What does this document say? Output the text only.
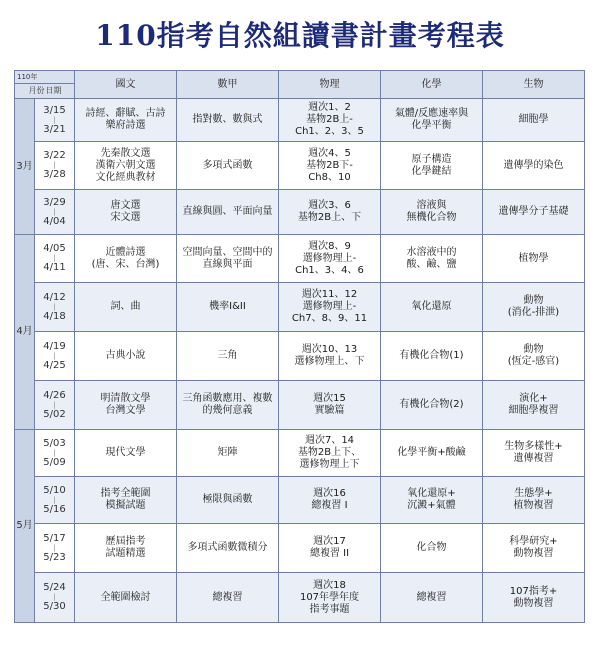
110指考自然組讀書計畫考程表
110年
月份日期		國文	數甲	物理	化學	生物
3月	3/15
|
3/21	詩經、辭賦、古詩
樂府詩選	指對數、數與式	週次1、2
基物2B上-
Ch1、2、3、5	氣體/反應速率與
化學平衡	細胞學

	3/22
|
3/28	先秦散文選
漢衛六朝文選
文化經典教材	多項式函數	週次4、5
基物2B下-
Ch8、10	原子構造
化學鍵結	遺傳學的染色

	3/29
|
4/04	唐文選
宋文選	直線與圓、平面向量	週次3、6
基物2B上、下	溶液與
無機化合物	遺傳學分子基礎
4月	4/05
|
4/11	近體詩選
(唐、宋、台灣)	空間向量、空間中的
直線與平面	週次8、9
選修物理上-
Ch1、3、4、6	水溶液中的
酸、鹼、鹽	植物學

	4/12
|
4/18	詞、曲	機率I&II	週次11、12
選修物理上-
Ch7、8、9、11	氧化還原	動物
(消化-排泄)

	4/19
|
4/25	古典小說	三角	週次10、13
選修物理上、下	有機化合物(1)	動物
(恆定-感官)

	4/26
|
5/02	明清散文學
台灣文學	三角函數應用、複數
的幾何意義	週次15
實驗篇	有機化合物(2)	演化+
細胞學複習
5月	5/03
|
5/09	現代文學	矩陣	週次7、14
基物2B上下、
選修物理上下	化學平衡+酸鹼	生物多樣性+
遺傳複習

	5/10
|
5/16	指考全範圍
模擬試題	極限與函數	週次16
總複習 I	氧化還原+
沉澱+氣體	生態學+
植物複習

	5/17
|
5/23	歷屆指考
試題精選	多項式函數微積分	週次17
總複習 II	化合物	科學研究+
動物複習

	5/24
|
5/30	全範圍檢討	總複習	週次18
107年學年度
指考事題	總複習	107指考+
動物複習
